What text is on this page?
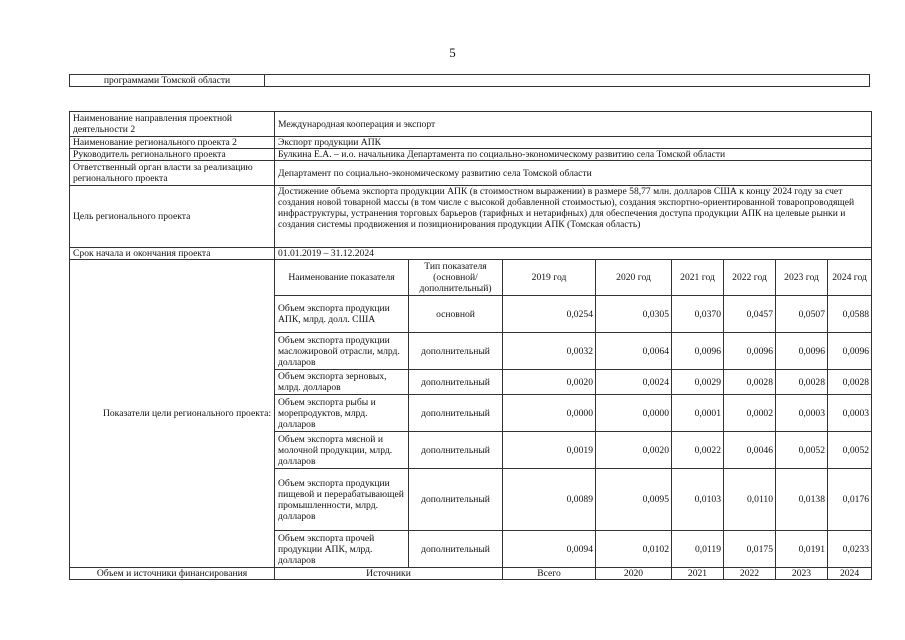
5
программами Томской области	
Наименование направления проектной деятельности 2	Международная кооперация и экспорт							
Наименование регионального проекта 2	Экспорт продукции АПК							
Руководитель регионального проекта	Булкина Е.А. – и.о. начальника Департамента по социально-экономическому развитию села Томской области							
Ответственный орган власти за реализацию регионального проекта	Департамент по социально-экономическому развитию села Томской области							
Цель регионального проекта	Достижение объема экспорта продукции АПК (в стоимостном выражении) в размере 58,77 млн. долларов США к концу 2024 году за счет создания новой товарной массы (в том числе с высокой добавленной стоимостью), создания экспортно-ориентированной товаропроводящей инфраструктуры, устранения торговых барьеров (тарифных и нетарифных) для обеспечения доступа продукции АПК на целевые рынки и создания системы продвижения и позиционирования продукции АПК (Томская область)							
Срок начала и окончания проекта	01.01.2019 – 31.12.2024							
Показатели цели регионального проекта:	Наименование показателя	Тип показателя (основной/дополнительный)	2019 год	2020 год	2021 год	2022 год	2023 год	2024 год
	Объем экспорта продукции АПК, млрд. долл. США	основной	0,0254	0,0305	0,0370	0,0457	0,0507	0,0588
	Объем экспорта продукции масложировой отрасли, млрд. долларов	дополнительный	0,0032	0,0064	0,0096	0,0096	0,0096	0,0096
	Объем экспорта зерновых, млрд. долларов	дополнительный	0,0020	0,0024	0,0029	0,0028	0,0028	0,0028
	Объем экспорта рыбы и морепродуктов, млрд. долларов	дополнительный	0,0000	0,0000	0,0001	0,0002	0,0003	0,0003
	Объем экспорта мясной и молочной продукции, млрд. долларов	дополнительный	0,0019	0,0020	0,0022	0,0046	0,0052	0,0052
	Объем экспорта продукции пищевой и перерабатывающей промышленности, млрд. долларов	дополнительный	0,0089	0,0095	0,0103	0,0110	0,0138	0,0176
	Объем экспорта прочей продукции АПК, млрд. долларов	дополнительный	0,0094	0,0102	0,0119	0,0175	0,0191	0,0233
Объем и источники финансирования	Источники		Всего	2020	2021	2022	2023	2024
